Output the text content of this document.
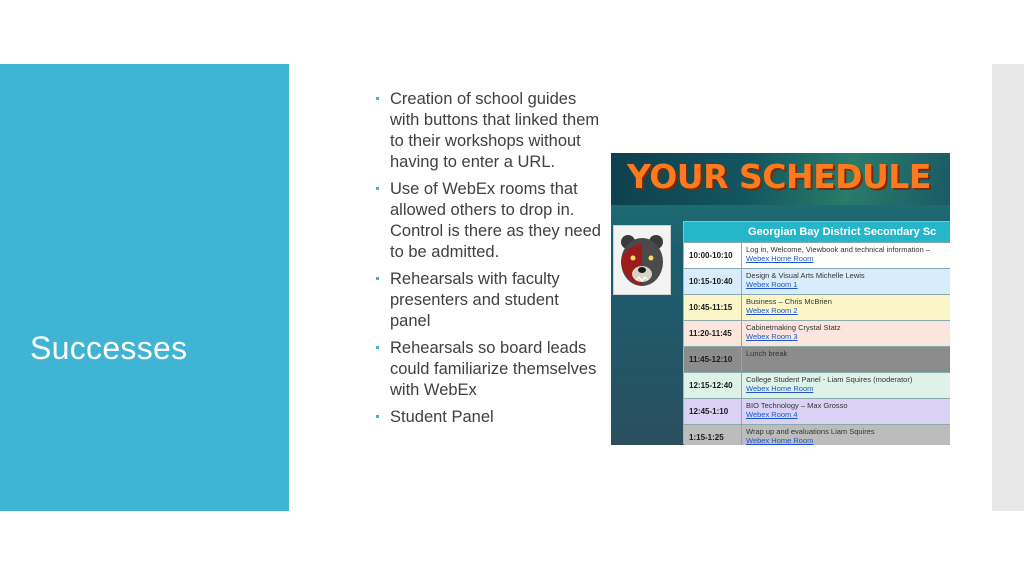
Successes
Creation of school guides with buttons that linked them to their workshops without having to enter a URL.
Use of WebEx rooms that allowed others to drop in. Control is there as they need to be admitted.
Rehearsals with faculty presenters and student panel
Rehearsals so board leads could familiarize themselves with WebEx
Student Panel
YOUR SCHEDULE
Georgian Bay District Secondary Sc
10:00-10:10
Log in, Welcome, Viewbook and technical information –
Webex Home Room
10:15-10:40
Design & Visual Arts Michelle Lewis
Webex Room 1
10:45-11:15
Business – Chris McBrien
Webex Room 2
11:20-11:45
Cabinetmaking Crystal Statz
Webex Room 3
11:45-12:10
Lunch break
12:15-12:40
College Student Panel - Liam Squires (moderator)
Webex Home Room
12:45-1:10
BIO Technology – Max Grosso
Webex Room 4
1:15-1:25
Wrap up and evaluations Liam Squires
Webex Home Room
